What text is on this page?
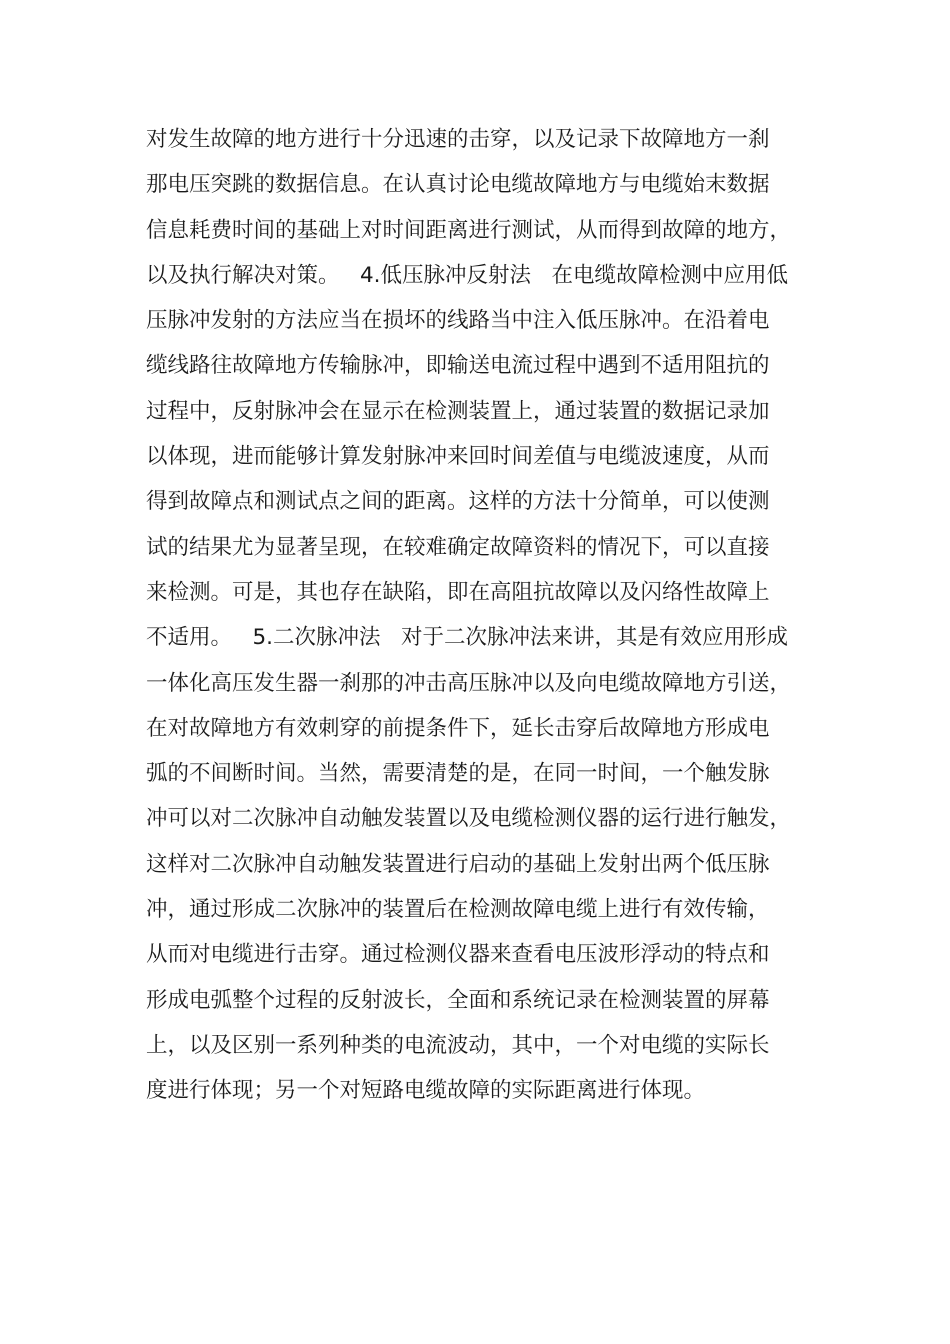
对发生故障的地方进行十分迅速的击穿，以及记录下故障地方一刹
那电压突跳的数据信息。在认真讨论电缆故障地方与电缆始末数据
信息耗费时间的基础上对时间距离进行测试，从而得到故障的地方，
以及执行解决对策。   4.低压脉冲反射法   在电缆故障检测中应用低
压脉冲发射的方法应当在损坏的线路当中注入低压脉冲。在沿着电
缆线路往故障地方传输脉冲，即输送电流过程中遇到不适用阻抗的
过程中，反射脉冲会在显示在检测装置上，通过装置的数据记录加
以体现，进而能够计算发射脉冲来回时间差值与电缆波速度，从而
得到故障点和测试点之间的距离。这样的方法十分简单，可以使测
试的结果尤为显著呈现，在较难确定故障资料的情况下，可以直接
来检测。可是，其也存在缺陷，即在高阻抗故障以及闪络性故障上
不适用。   5.二次脉冲法   对于二次脉冲法来讲，其是有效应用形成
一体化高压发生器一刹那的冲击高压脉冲以及向电缆故障地方引送，
在对故障地方有效刺穿的前提条件下，延长击穿后故障地方形成电
弧的不间断时间。当然，需要清楚的是，在同一时间，一个触发脉
冲可以对二次脉冲自动触发装置以及电缆检测仪器的运行进行触发，
这样对二次脉冲自动触发装置进行启动的基础上发射出两个低压脉
冲，通过形成二次脉冲的装置后在检测故障电缆上进行有效传输，
从而对电缆进行击穿。通过检测仪器来查看电压波形浮动的特点和
形成电弧整个过程的反射波长，全面和系统记录在检测装置的屏幕
上，以及区别一系列种类的电流波动，其中，一个对电缆的实际长
度进行体现；另一个对短路电缆故障的实际距离进行体现。
